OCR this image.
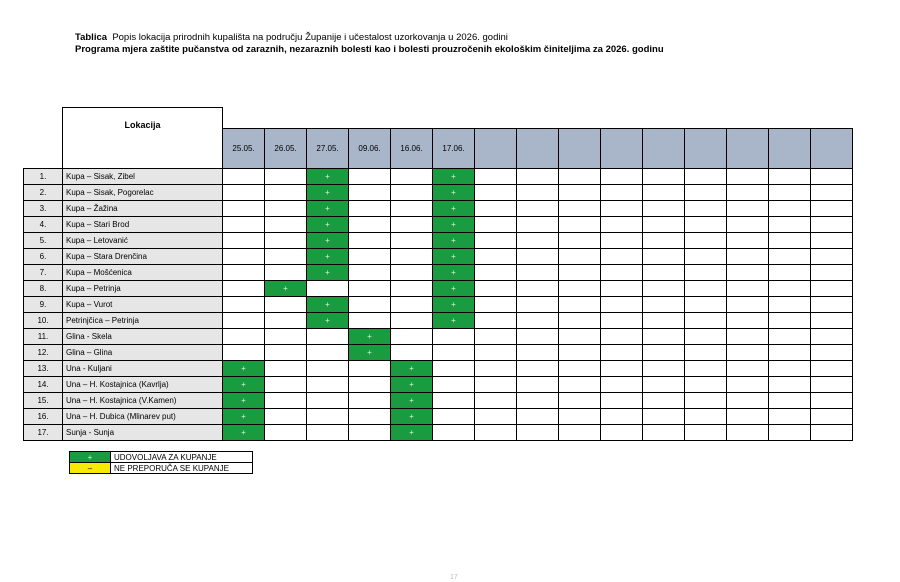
Tablica Popis lokacija prirodnih kupališta na području Županije i učestalost uzorkovanja u 2026. godini
Programa mjera zaštite pučanstva od zaraznih, nezaraznih bolesti kao i bolesti prouzročenih ekološkim činiteljima za 2026. godinu
	Lokacija															
		25.05.	26.05.	27.05.	09.06.	16.06.	17.06.									
1.	Kupa – Sisak, Zibel			+			+									
2.	Kupa – Sisak, Pogorelac			+			+									
3.	Kupa – Žažina			+			+									
4.	Kupa – Stari Brod			+			+									
5.	Kupa – Letovanić			+			+									
6.	Kupa – Stara Drenčina			+			+									
7.	Kupa – Mošćenica			+			+									
8.	Kupa – Petrinja		+				+									
9.	Kupa – Vurot			+			+									
10.	Petrinjčica – Petrinja			+			+									
11.	Glina - Skela				+											
12.	Glina – Glina				+											
13.	Una - Kuljani	+				+										
14.	Una – H. Kostajnica (Kavrlja)	+				+										
15.	Una – H. Kostajnica (V.Kamen)	+				+										
16.	Una – H. Dubica (Mlinarev put)	+				+										
17.	Sunja - Sunja	+				+										
+	UDOVOLJAVA ZA KUPANJE
–	NE PREPORUČA SE KUPANJE
17
